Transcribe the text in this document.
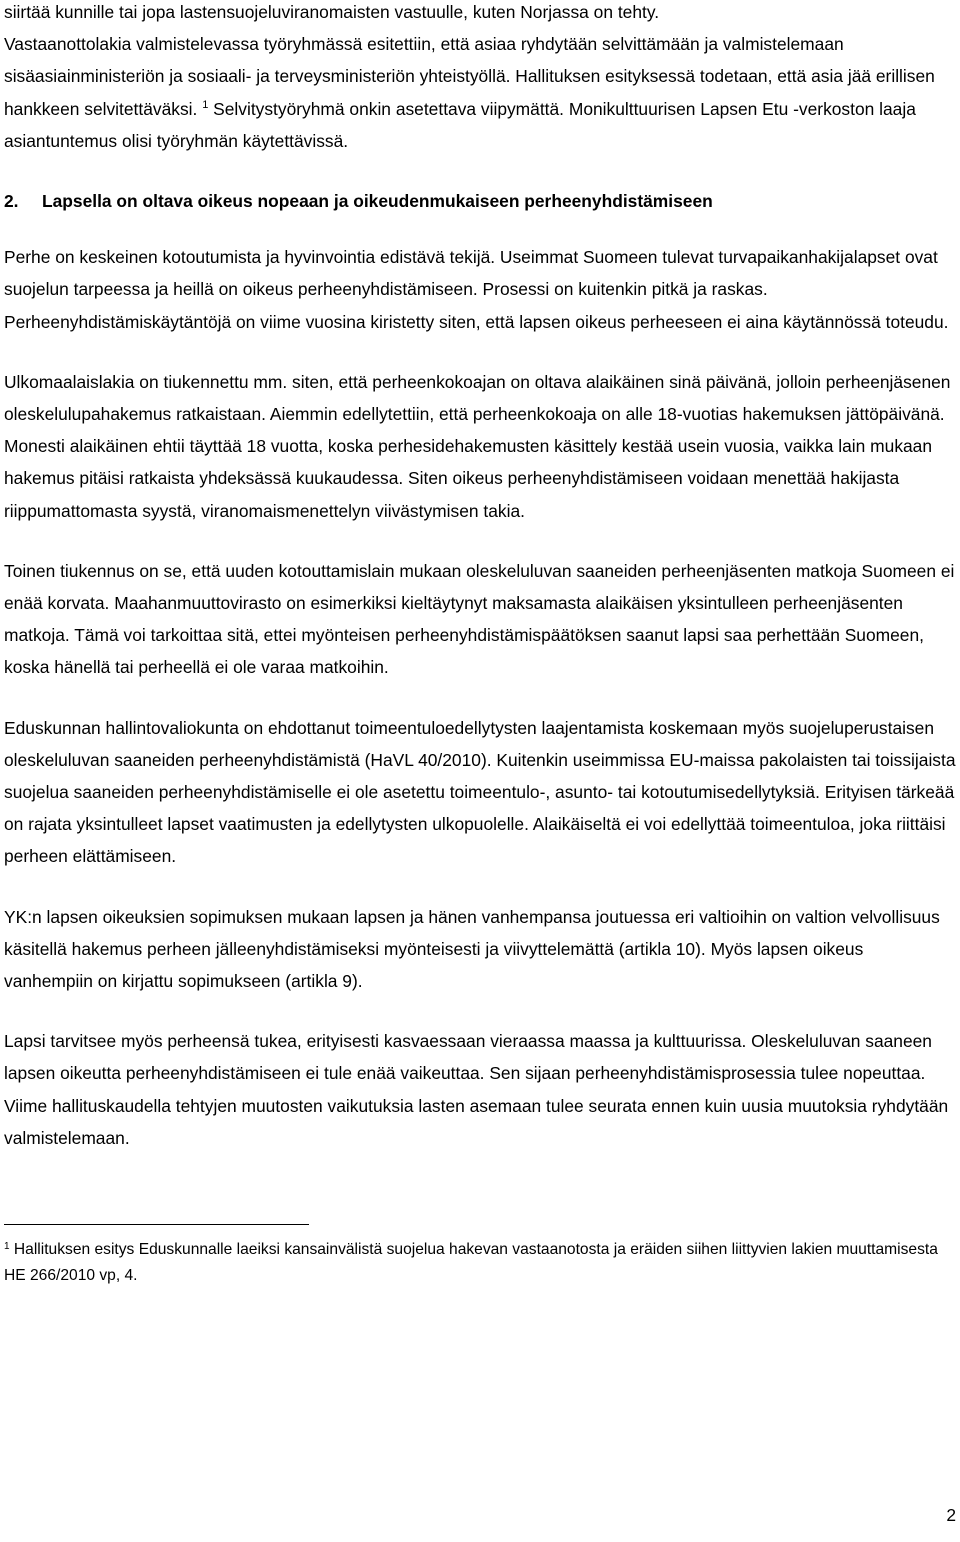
siirtää kunnille tai jopa lastensuojeluviranomaisten vastuulle, kuten Norjassa on tehty.
Vastaanottolakia valmistelevassa työryhmässä esitettiin, että asiaa ryhdytään selvittämään ja valmistelemaan sisäasiainministeriön ja sosiaali- ja terveysministeriön yhteistyöllä. Hallituksen esityksessä todetaan, että asia jää erillisen hankkeen selvitettäväksi. $^1$ Selvitystyöryhmä onkin asetettava viipymättä. Monikulttuurisen Lapsen Etu -verkoston laaja asiantuntemus olisi työryhmän käytettävissä.

2. Lapsella on oltava oikeus nopeaan ja oikeudenmukaiseen perheenyhdistämiseen

Perhe on keskeinen kotoutumista ja hyvinvointia edistävä tekijä. Useimmat Suomeen tulevat turvapaikanhakijalapset ovat suojelun tarpeessa ja heillä on oikeus perheenyhdistämiseen. Prosessi on kuitenkin pitkä ja raskas. Perheenyhdistämiskäytäntöjä on viime vuosina kiristetty siten, että lapsen oikeus perheeseen ei aina käytännössä toteudu.

Ulkomaalaislakia on tiukennettu mm. siten, että perheenkokoajan on oltava alaikäinen sinä päivänä, jolloin perheenjäsenen oleskelulupahakemus ratkaistaan. Aiemmin edellytettiin, että perheenkokoaja on alle 18-vuotias hakemuksen jättöpäivänä. Monesti alaikäinen ehtii täyttää 18 vuotta, koska perhesidehakemusten käsittely kestää usein vuosia, vaikka lain mukaan hakemus pitäisi ratkaista yhdeksässä kuukaudessa. Siten oikeus perheenyhdistämiseen voidaan menettää hakijasta riippumattomasta syystä, viranomaismenettelyn viivästymisen takia.

Toinen tiukennus on se, että uuden kotouttamislain mukaan oleskeluluvan saaneiden perheenjäsenten matkoja Suomeen ei enää korvata. Maahanmuuttovirasto on esimerkiksi kieltäytynyt maksamasta alaikäisen yksintulleen perheenjäsenten matkoja. Tämä voi tarkoittaa sitä, ettei myönteisen perheenyhdistämispäätöksen saanut lapsi saa perhettään Suomeen, koska hänellä tai perheellä ei ole varaa matkoihin.

Eduskunnan hallintovaliokunta on ehdottanut toimeentuloedellytysten laajentamista koskemaan myös suojeluperustaisen oleskeluluvan saaneiden perheenyhdistämistä (HaVL 40/2010). Kuitenkin useimmissa EU-maissa pakolaisten tai toissijaista suojelua saaneiden perheenyhdistämiselle ei ole asetettu toimeentulo-, asunto- tai kotoutumisedellytyksiä. Erityisen tärkeää on rajata yksintulleet lapset vaatimusten ja edellytysten ulkopuolelle. Alaikäiseltä ei voi edellyttää toimeentuloa, joka riittäisi perheen elättämiseen.

YK:n lapsen oikeuksien sopimuksen mukaan lapsen ja hänen vanhempansa joutuessa eri valtioihin on valtion velvollisuus käsitellä hakemus perheen jälleenyhdistämiseksi myönteisesti ja viivyttelemättä (artikla 10). Myös lapsen oikeus vanhempiin on kirjattu sopimukseen (artikla 9).

Lapsi tarvitsee myös perheensä tukea, erityisesti kasvaessaan vieraassa maassa ja kulttuurissa. Oleskeluluvan saaneen lapsen oikeutta perheenyhdistämiseen ei tule enää vaikeuttaa. Sen sijaan perheenyhdistämisprosessia tulee nopeuttaa. Viime hallituskaudella tehtyjen muutosten vaikutuksia lasten asemaan tulee seurata ennen kuin uusia muutoksia ryhdytään valmistelemaan.

$^1$ Hallituksen esitys Eduskunnalle laeiksi kansainvälistä suojelua hakevan vastaanotosta ja eräiden siihen liittyvien lakien muuttamisesta HE 266/2010 vp, 4.

2
